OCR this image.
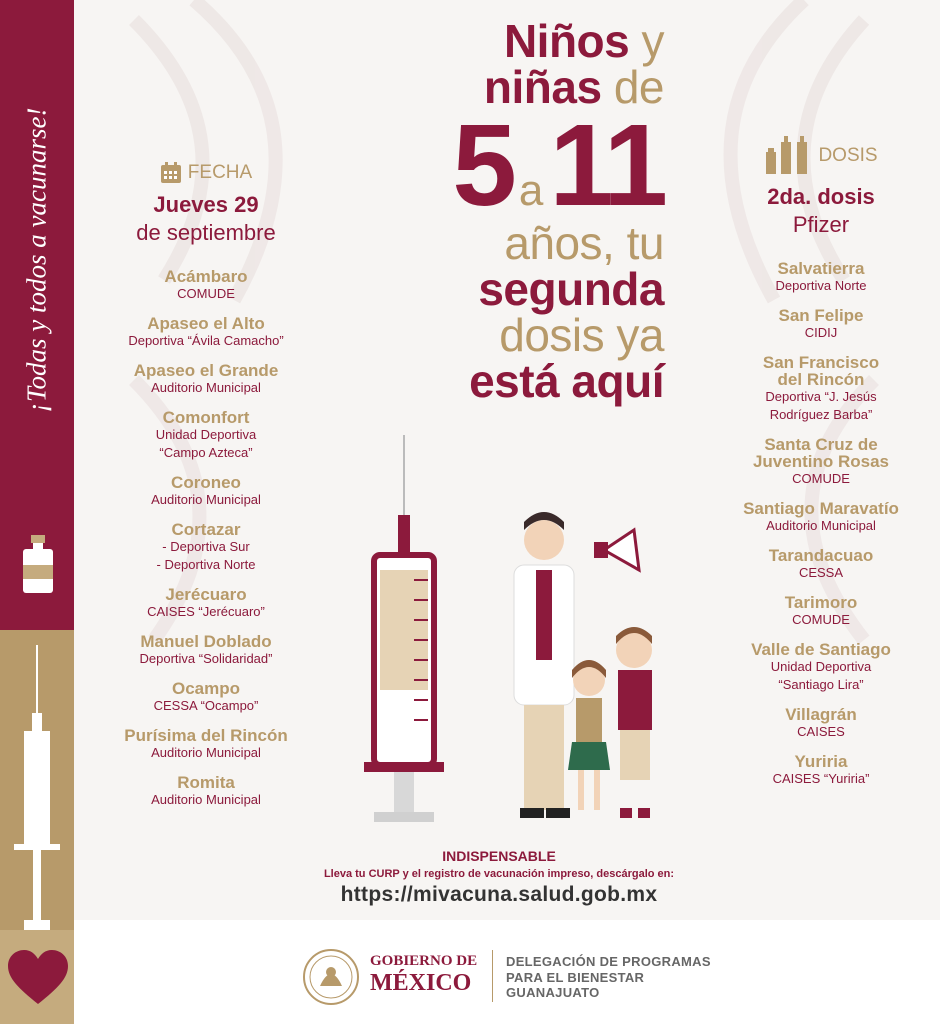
¡Todas y todos a vacunarse!
Niños y
niñas de
5 a11
años, tu
segunda
dosis ya
está aquí
FECHA
Jueves 29
de septiembre
Acámbaro
COMUDE
Apaseo el Alto
Deportiva “Ávila Camacho”
Apaseo el Grande
Auditorio Municipal
Comonfort
Unidad Deportiva
“Campo Azteca”
Coroneo
Auditorio Municipal
Cortazar
- Deportiva Sur
- Deportiva Norte
Jerécuaro
CAISES “Jerécuaro”
Manuel Doblado
Deportiva “Solidaridad”
Ocampo
CESSA “Ocampo”
Purísima del Rincón
Auditorio Municipal
Romita
Auditorio Municipal
DOSIS
2da. dosis
Pfizer
Salvatierra
Deportiva Norte
San Felipe
CIDIJ
San Francisco
del Rincón
Deportiva “J. Jesús
Rodríguez Barba”
Santa Cruz de
Juventino Rosas
COMUDE
Santiago Maravatío
Auditorio Municipal
Tarandacuao
CESSA
Tarimoro
COMUDE
Valle de Santiago
Unidad Deportiva
“Santiago Lira”
Villagrán
CAISES
Yuriria
CAISES “Yuriria”
INDISPENSABLE
Lleva tu CURP y el registro de vacunación impreso, descárgalo en:
https://mivacuna.salud.gob.mx
GOBIERNO DE
MÉXICO
DELEGACIÓN DE PROGRAMAS
PARA EL BIENESTAR
GUANAJUATO
